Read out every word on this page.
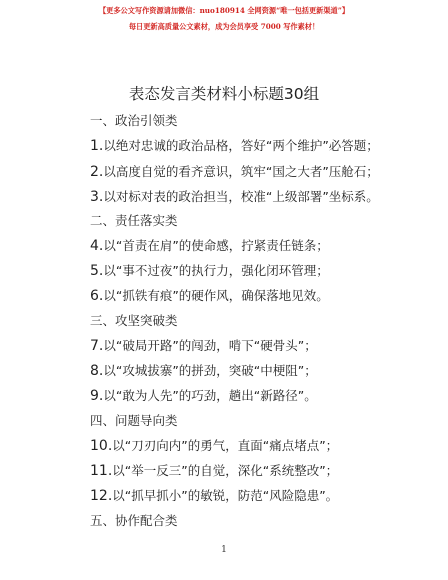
【更多公文写作资源请加微信：nuo180914 全网资源“唯一包括更新渠道”】
每日更新高质量公文素材，成为会员享受 7000 写作素材！
表态发言类材料小标题30组
一、政治引领类
1.以绝对忠诚的政治品格，答好“两个维护”必答题；
2.以高度自觉的看齐意识，筑牢“国之大者”压舱石；
3.以对标对表的政治担当，校准“上级部署”坐标系。
二、责任落实类
4.以“首责在肩”的使命感，拧紧责任链条；
5.以“事不过夜”的执行力，强化闭环管理；
6.以“抓铁有痕”的硬作风，确保落地见效。
三、攻坚突破类
7.以“破局开路”的闯劲，啃下“硬骨头”；
8.以“攻城拔寨”的拼劲，突破“中梗阻”；
9.以“敢为人先”的巧劲，趟出“新路径”。
四、问题导向类
10.以“刀刃向内”的勇气，直面“痛点堵点”；
11.以“举一反三”的自觉，深化“系统整改”；
12.以“抓早抓小”的敏锐，防范“风险隐患”。
五、协作配合类
1
